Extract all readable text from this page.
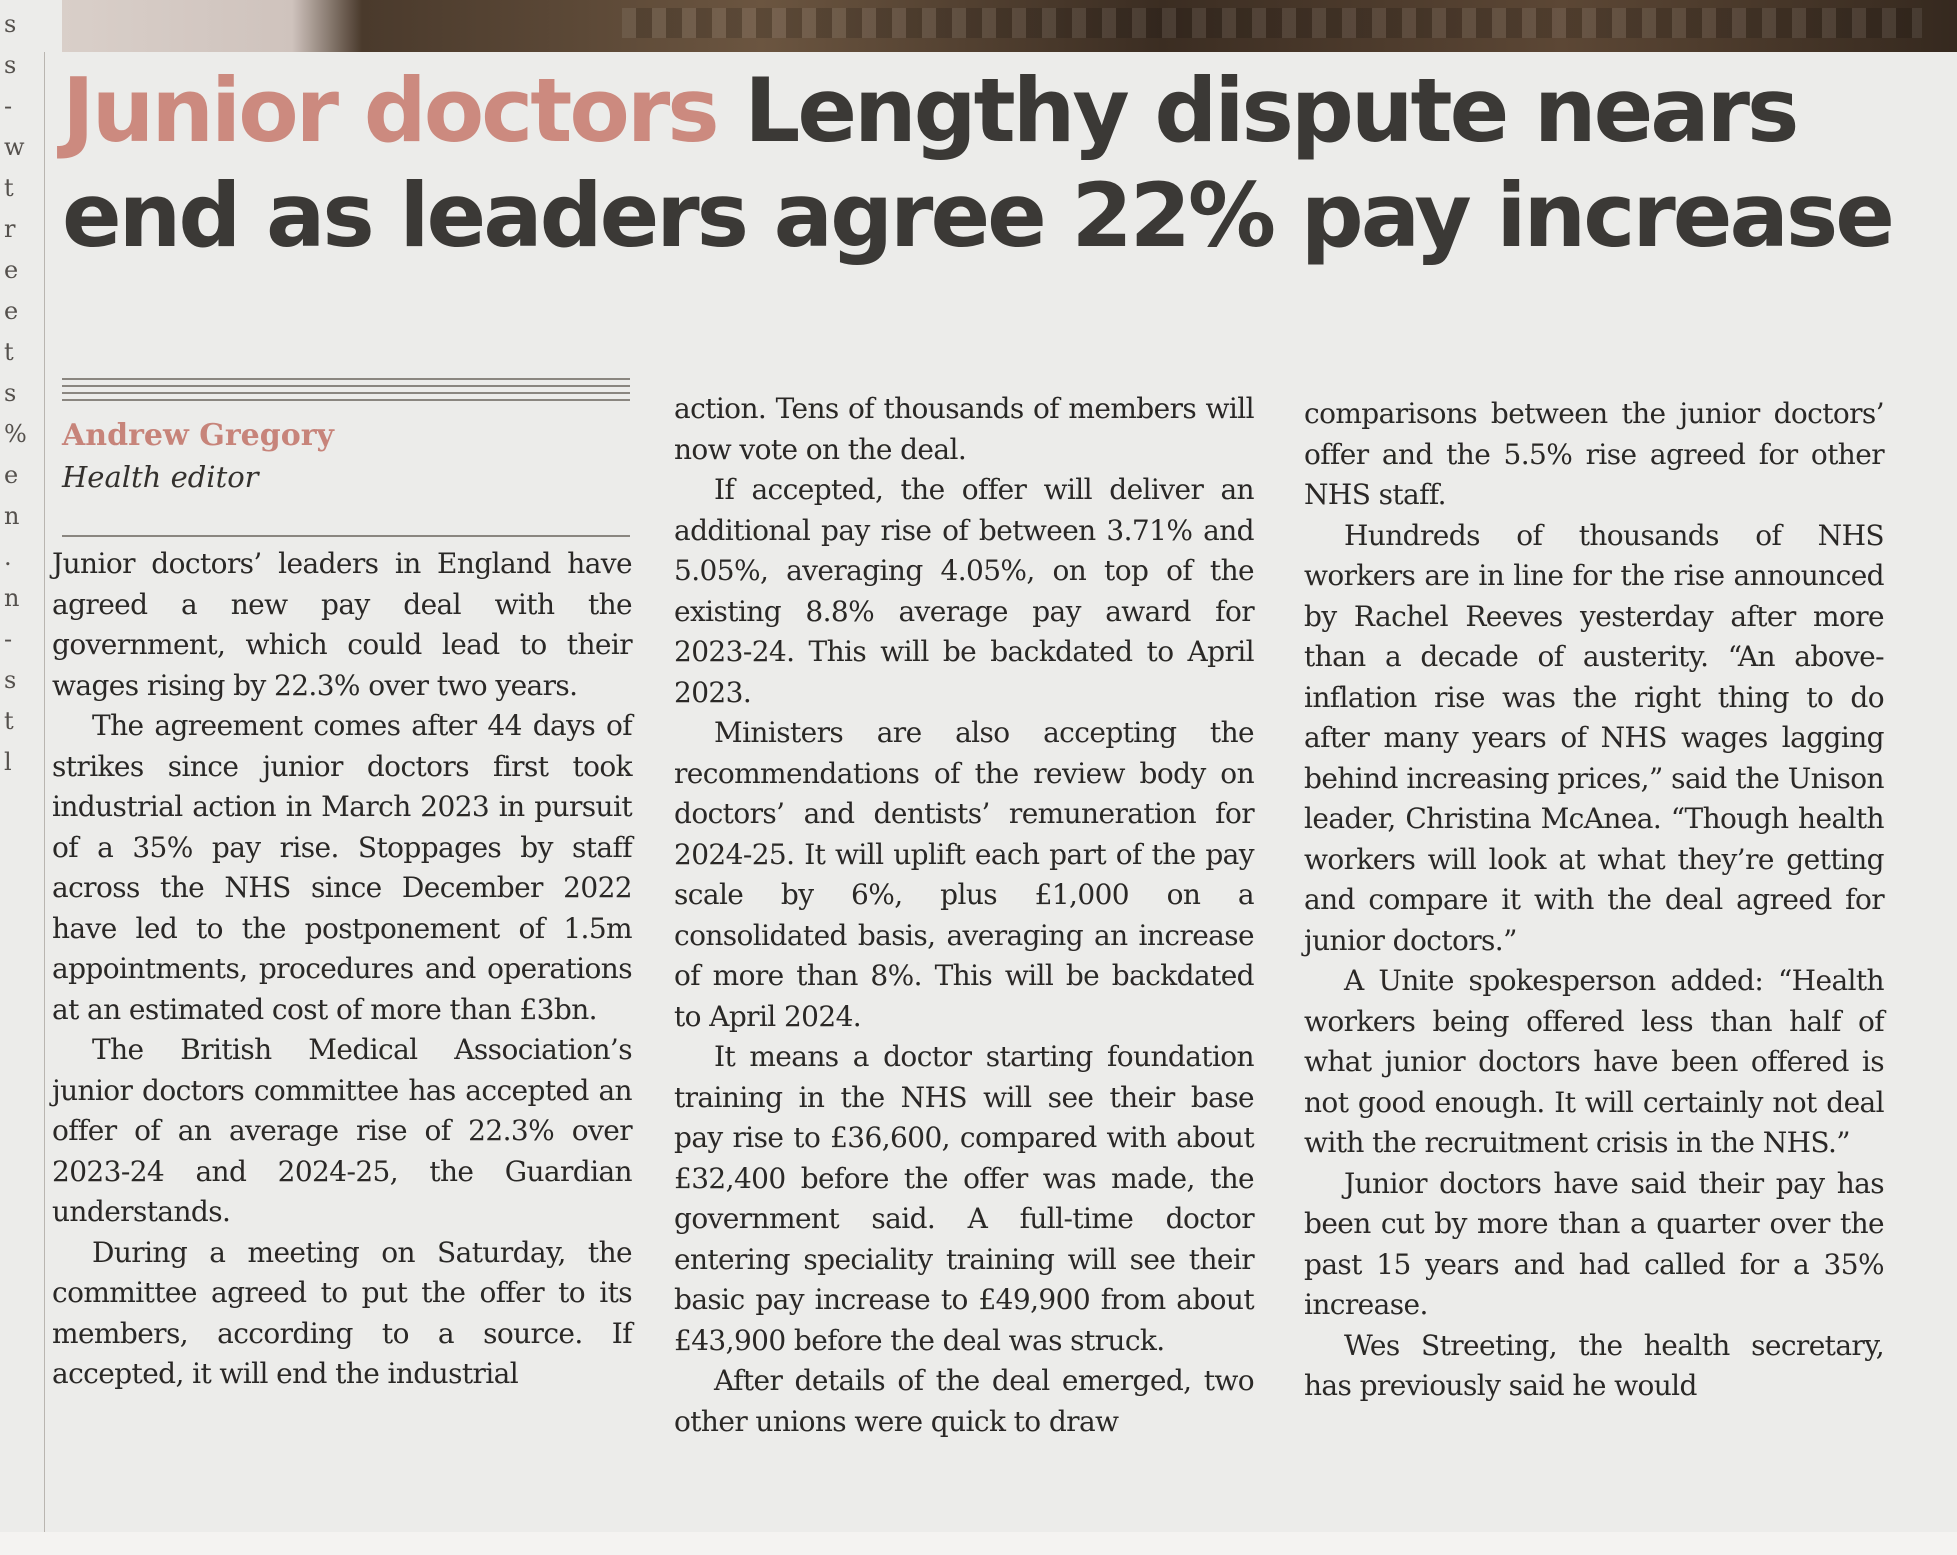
s
s
-
w
t
r
e
e
t
s
%
e
n
.
n
-
s
t
l
Junior doctors Lengthy dispute nears end as leaders agree 22% pay increase

Andrew Gregory

Health editor

Junior doctors’ leaders in England have agreed a new pay deal with the government, which could lead to their wages rising by 22.3% over two years.

The agreement comes after 44 days of strikes since junior doctors first took industrial action in March 2023 in pursuit of a 35% pay rise. Stoppages by staff across the NHS since December 2022 have led to the postponement of 1.5m appointments, procedures and operations at an estimated cost of more than £3bn.

The British Medical Association’s junior doctors committee has accepted an offer of an average rise of 22.3% over 2023-24 and 2024-25, the Guardian understands.

During a meeting on Saturday, the committee agreed to put the offer to its members, according to a source. If accepted, it will end the industrial

action. Tens of thousands of members will now vote on the deal.

If accepted, the offer will deliver an additional pay rise of between 3.71% and 5.05%, averaging 4.05%, on top of the existing 8.8% average pay award for 2023-24. This will be backdated to April 2023.

Ministers are also accepting the recommendations of the review body on doctors’ and dentists’ remuneration for 2024-25. It will uplift each part of the pay scale by 6%, plus £1,000 on a consolidated basis, averaging an increase of more than 8%. This will be backdated to April 2024.

It means a doctor starting foundation training in the NHS will see their base pay rise to £36,600, compared with about £32,400 before the offer was made, the government said. A full-time doctor entering speciality training will see their basic pay increase to £49,900 from about £43,900 before the deal was struck.

After details of the deal emerged, two other unions were quick to draw

comparisons between the junior doctors’ offer and the 5.5% rise agreed for other NHS staff.

Hundreds of thousands of NHS workers are in line for the rise announced by Rachel Reeves yesterday after more than a decade of austerity. “An above-inflation rise was the right thing to do after many years of NHS wages lagging behind increasing prices,” said the Unison leader, Christina McAnea. “Though health workers will look at what they’re getting and compare it with the deal agreed for junior doctors.”

A Unite spokesperson added: “Health workers being offered less than half of what junior doctors have been offered is not good enough. It will certainly not deal with the recruitment crisis in the NHS.”

Junior doctors have said their pay has been cut by more than a quarter over the past 15 years and had called for a 35% increase.

Wes Streeting, the health secretary, has previously said he would
